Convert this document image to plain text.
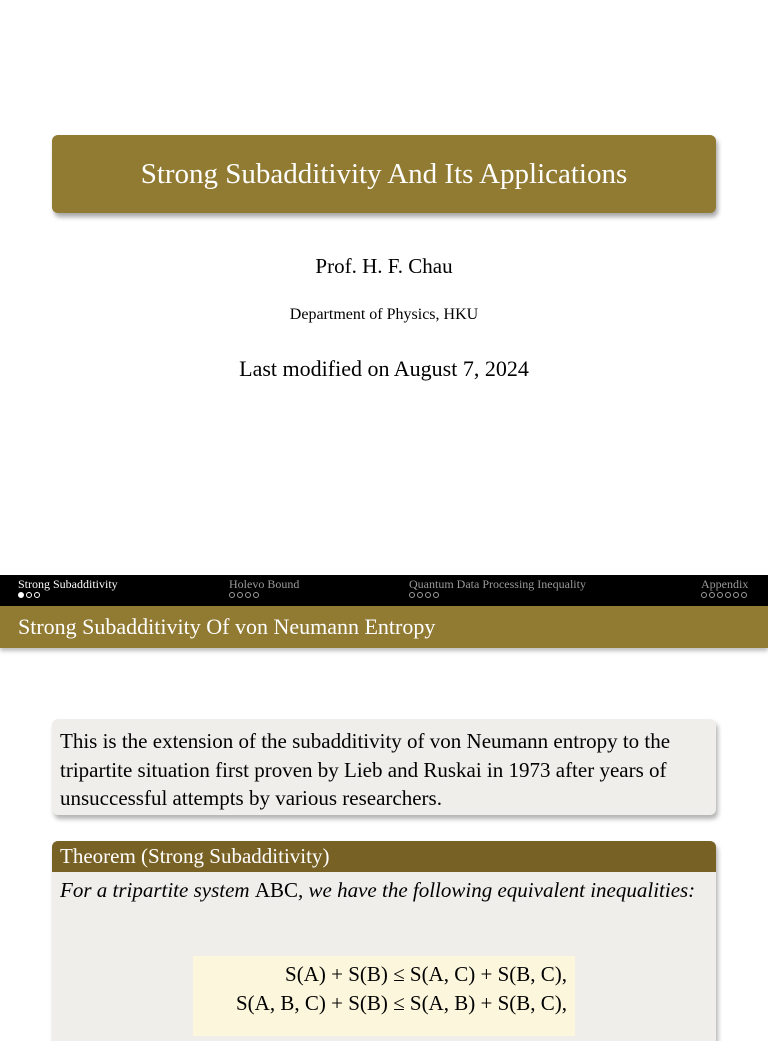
Strong Subadditivity And Its Applications
Prof. H. F. Chau
Department of Physics, HKU
Last modified on August 7, 2024
Strong Subadditivity	Holevo Bound	Quantum Data Processing Inequality	Appendix
Strong Subadditivity Of von Neumann Entropy
This is the extension of the subadditivity of von Neumann entropy to the tripartite situation first proven by Lieb and Ruskai in 1973 after years of unsuccessful attempts by various researchers.
Theorem (Strong Subadditivity)
For a tripartite system ABC, we have the following equivalent inequalities:
S(A) + S(B) ≤ S(A, C) + S(B, C),
S(A, B, C) + S(B) ≤ S(A, B) + S(B, C),
